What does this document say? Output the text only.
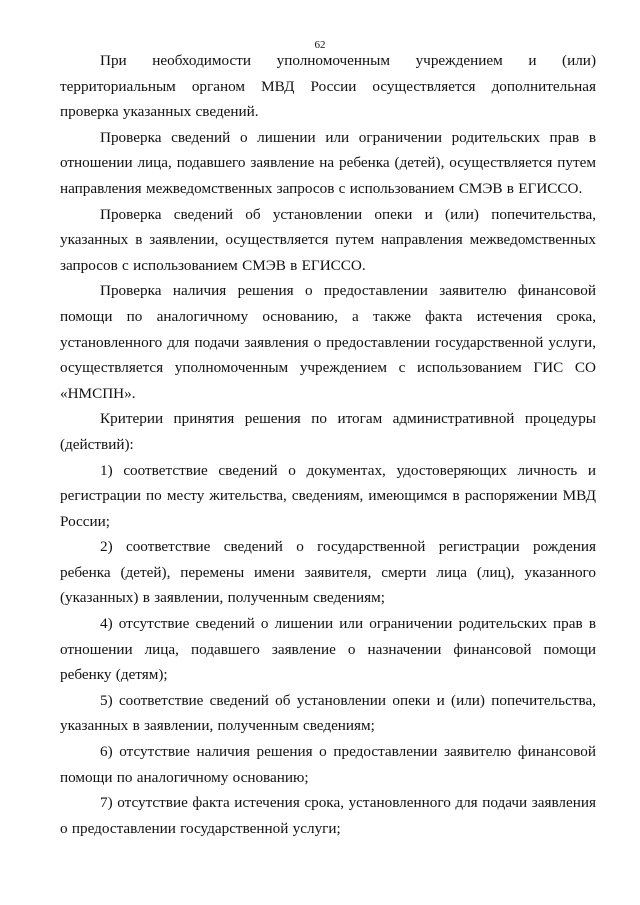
62

При необходимости уполномоченным учреждением и (или) территориальным органом МВД России осуществляется дополнительная проверка указанных сведений.

Проверка сведений о лишении или ограничении родительских прав в отношении лица, подавшего заявление на ребенка (детей), осуществляется путем направления межведомственных запросов с использованием СМЭВ в ЕГИССО.

Проверка сведений об установлении опеки и (или) попечительства, указанных в заявлении, осуществляется путем направления межведомственных запросов с использованием СМЭВ в ЕГИССО.

Проверка наличия решения о предоставлении заявителю финансовой помощи по аналогичному основанию, а также факта истечения срока, установленного для подачи заявления о предоставлении государственной услуги, осуществляется уполномоченным учреждением с использованием ГИС СО «НМСПН».

Критерии принятия решения по итогам административной процедуры (действий):

1) соответствие сведений о документах, удостоверяющих личность и регистрации по месту жительства, сведениям, имеющимся в распоряжении МВД России;

2) соответствие сведений о государственной регистрации рождения ребенка (детей), перемены имени заявителя, смерти лица (лиц), указанного (указанных) в заявлении, полученным сведениям;

4) отсутствие сведений о лишении или ограничении родительских прав в отношении лица, подавшего заявление о назначении финансовой помощи ребенку (детям);

5) соответствие сведений об установлении опеки и (или) попечительства, указанных в заявлении, полученным сведениям;

6) отсутствие наличия решения о предоставлении заявителю финансовой помощи по аналогичному основанию;

7) отсутствие факта истечения срока, установленного для подачи заявления о предоставлении государственной услуги;
